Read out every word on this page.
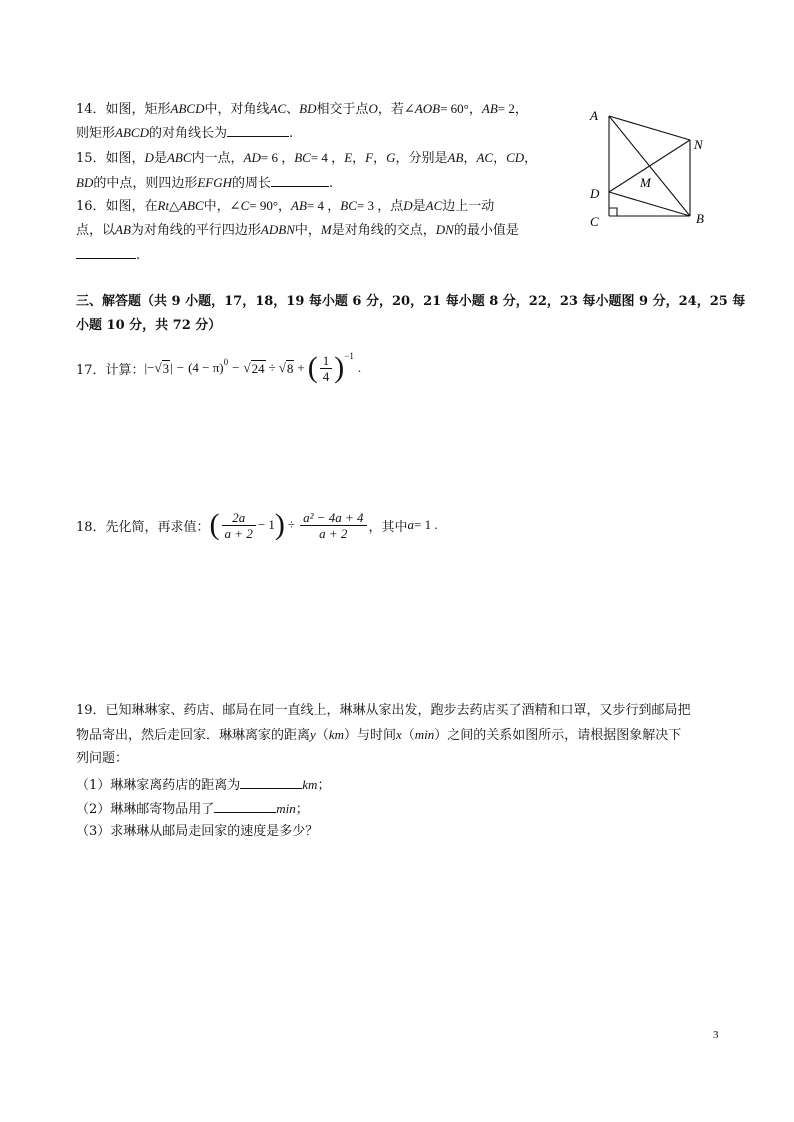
14．如图，矩形ABCD中，对角线AC、BD相交于点O，若∠AOB= 60°，AB= 2，
则矩形ABCD的对角线长为	.
15．如图，D是ABC内一点，AD= 6 ，BC= 4 ，E，F，G，分别是AB，AC，CD，
BD的中点，则四边形EFGH的周长	.
16．如图，在Rt△ABC中，∠C= 90°，AB= 4 ，BC= 3 ，点D是AC边上一动
点，以AB为对角线的平行四边形ADBN中，M是对角线的交点，DN的最小值是
.
A
N
M
D
C	B
三、解答题（共 9 小题，17，18，19 每小题 6 分，20，21 每小题 8 分，22，23 每小题图 9 分，24，25 每
小题 10 分，共 72 分）
17．计算： |− √ 3 | − $(4 - \pi)^0$ − √ 24 ÷ √ 8 + ( $\frac{1}{4} )^{-1}$
.
18．先化简，再求值： ( $\frac{2a}{a + 2} - 1$ ) ÷ $\frac{\text{a² − 4a + 4}}{a + 2}$ ，其中 a = 1 .
19．已知琳琳家、药店、邮局在同一直线上，琳琳从家出发，跑步去药店买了酒精和口罩，又步行到邮局把
物品寄出，然后走回家．琳琳离家的距离y（km）与时间x（min）之间的关系如图所示，请根据图象解决下
列问题：
（1）琳琳家离药店的距离为	km；
（2）琳琳邮寄物品用了	min；
（3）求琳琳从邮局走回家的速度是多少？
3
